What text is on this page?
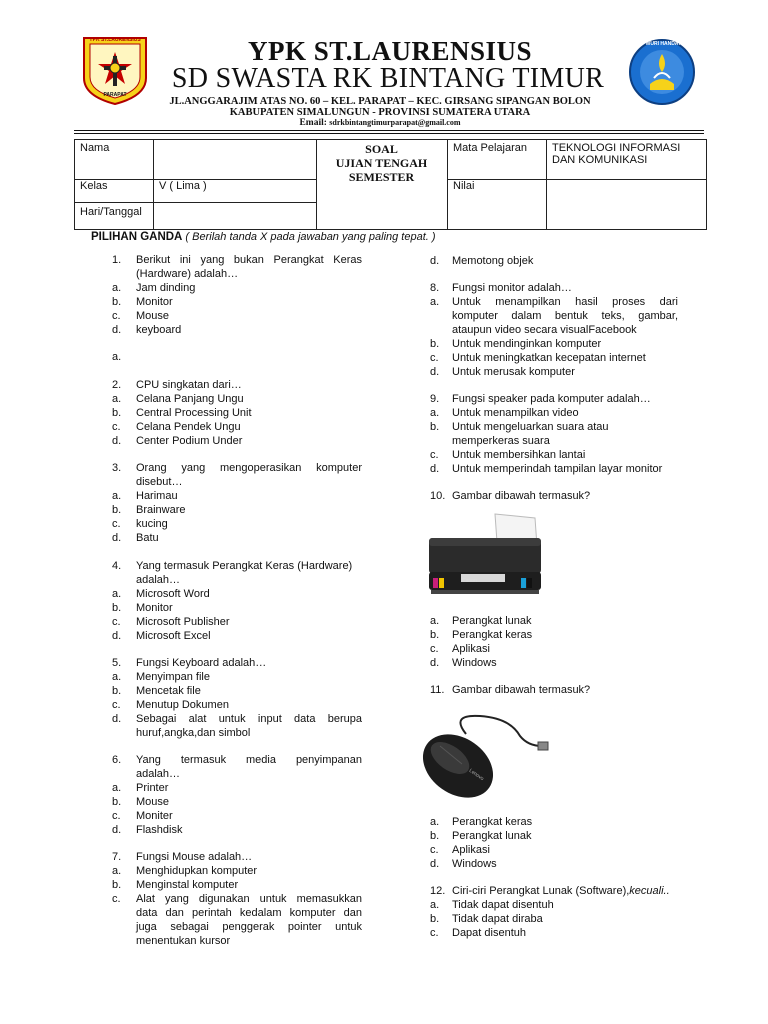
YPK ST.LAURENSIUS
PARAPAT
TUT WURI HANDAYANI
YPK ST.LAURENSIUS
SD SWASTA RK BINTANG TIMUR
JL.ANGGARAJIM ATAS NO. 60 – KEL. PARAPAT – KEC. GIRSANG SIPANGAN BOLON
KABUPATEN SIMALUNGUN - PROVINSI SUMATERA UTARA
Email: sdrkbintangtimurparapat@gmail.com
Nama
Kelas	V ( Lima )
Hari/Tanggal
SOAL
UJIAN TENGAH
SEMESTER
Mata Pelajaran TEKNOLOGI INFORMASI
DAN KOMUNIKASI
Nilai
PILIHAN GANDA ( Berilah tanda X pada jawaban yang paling tepat. )
1. Berikut ini yang bukan Perangkat Keras
(Hardware) adalah…
a. Jam dinding
b. Monitor
c. Mouse
d. keyboard
a.
2. CPU singkatan dari…
a. Celana Panjang Ungu
b. Central Processing Unit
c. Celana Pendek Ungu
d. Center Podium Under
3. Orang yang mengoperasikan komputer
disebut…
a. Harimau
b. Brainware
c. kucing
d. Batu
4. Yang termasuk Perangkat Keras (Hardware)
adalah…
a. Microsoft Word
b. Monitor
c. Microsoft Publisher
d. Microsoft Excel
5. Fungsi Keyboard adalah…
a. Menyimpan file
b. Mencetak file
c. Menutup Dokumen
d. Sebagai alat untuk input data berupa
huruf,angka,dan simbol
6. Yang termasuk media penyimpanan
adalah…
a. Printer
b. Mouse
c. Moniter
d. Flashdisk
7. Fungsi Mouse adalah…
a. Menghidupkan komputer
b. Menginstal komputer
c. Alat yang digunakan untuk memasukkan
data dan perintah kedalam komputer dan
juga sebagai penggerak pointer untuk
menentukan kursor
d. Memotong objek
8. Fungsi monitor adalah…
a. Untuk menampilkan hasil proses dari
komputer dalam bentuk teks, gambar,
ataupun video secara visualFacebook
b. Untuk mendinginkan komputer
c. Untuk meningkatkan kecepatan internet
d. Untuk merusak komputer
9. Fungsi speaker pada komputer adalah…
a. Untuk menampilkan video
b. Untuk mengeluarkan suara atau
memperkeras suara
c. Untuk membersihkan lantai
d. Untuk memperindah tampilan layar monitor
10. Gambar dibawah termasuk?
Canon
a. Perangkat lunak
b. Perangkat keras
c. Aplikasi
d. Windows
11. Gambar dibawah termasuk?
Lenovo
a. Perangkat keras
b. Perangkat lunak
c. Aplikasi
d. Windows
12. Ciri-ciri Perangkat Lunak (Software),kecuali..
a. Tidak dapat disentuh
b. Tidak dapat diraba
c. Dapat disentuh
